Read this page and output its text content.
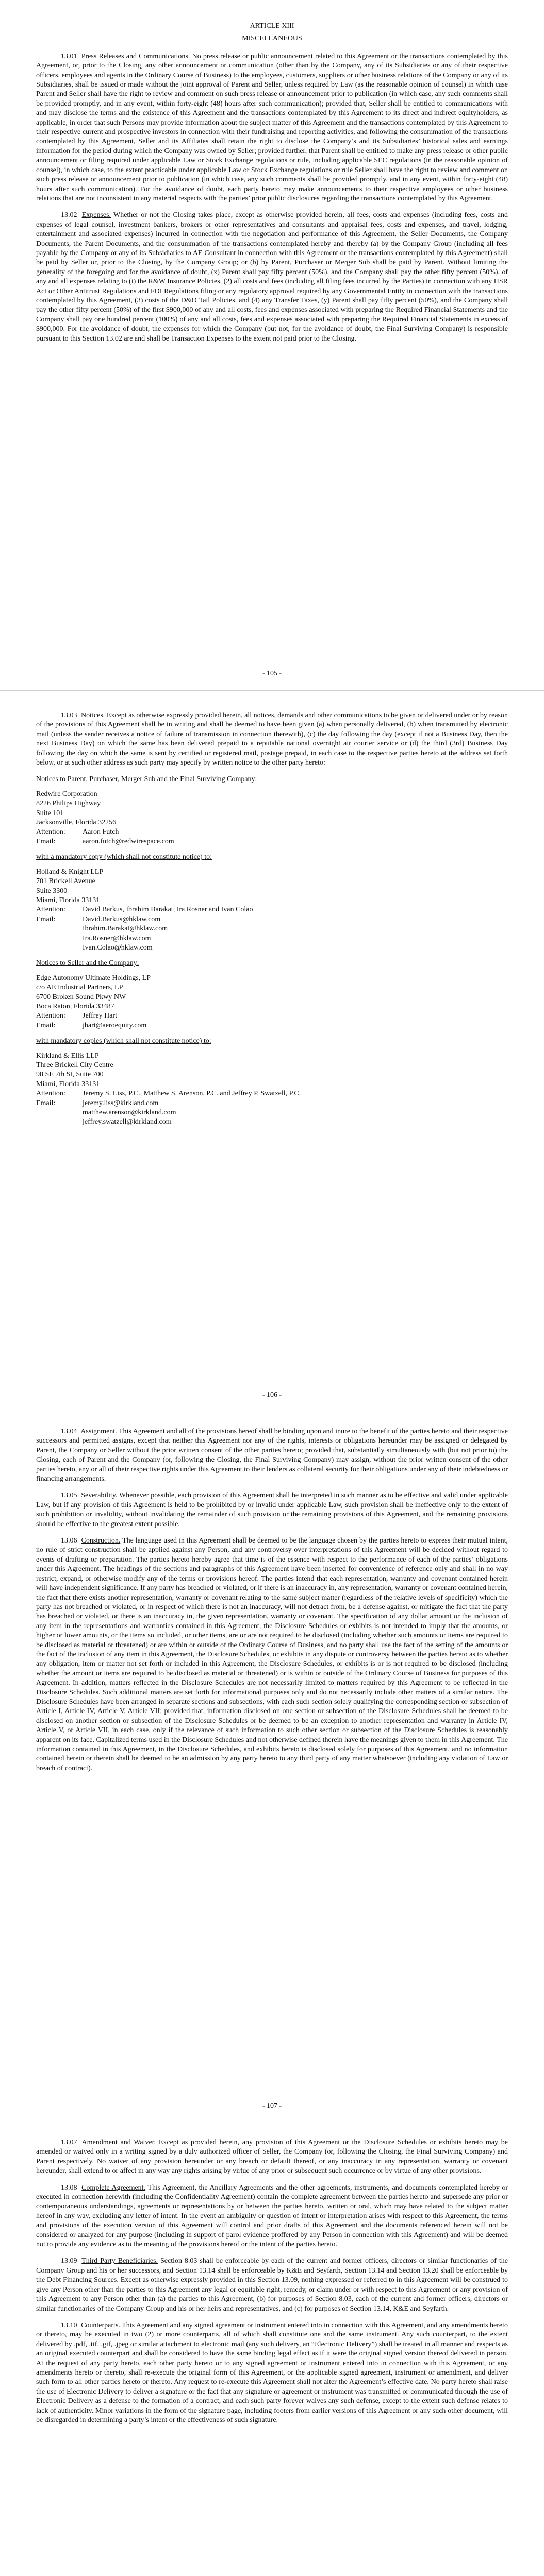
ARTICLE XIII
MISCELLANEOUS

13.01 Press Releases and Communications. No press release or public announcement related to this Agreement or the transactions contemplated by this Agreement, or, prior to the Closing, any other announcement or communication (other than by the Company, any of its Subsidiaries or any of their respective officers, employees and agents in the Ordinary Course of Business) to the employees, customers, suppliers or other business relations of the Company or any of its Subsidiaries, shall be issued or made without the joint approval of Parent and Seller, unless required by Law (as the reasonable opinion of counsel) in which case Parent and Seller shall have the right to review and comment on such press release or announcement prior to publication (in which case, any such comments shall be provided promptly, and in any event, within forty-eight (48) hours after such communication); provided that, Seller shall be entitled to communications with and may disclose the terms and the existence of this Agreement and the transactions contemplated by this Agreement to its direct and indirect equityholders, as applicable, in order that such Persons may provide information about the subject matter of this Agreement and the transactions contemplated by this Agreement to their respective current and prospective investors in connection with their fundraising and reporting activities, and following the consummation of the transactions contemplated by this Agreement, Seller and its Affiliates shall retain the right to disclose the Company’s and its Subsidiaries’ historical sales and earnings information for the period during which the Company was owned by Seller; provided further, that Parent shall be entitled to make any press release or other public announcement or filing required under applicable Law or Stock Exchange regulations or rule, including applicable SEC regulations (in the reasonable opinion of counsel), in which case, to the extent practicable under applicable Law or Stock Exchange regulations or rule Seller shall have the right to review and comment on such press release or announcement prior to publication (in which case, any such comments shall be provided promptly, and in any event, within forty-eight (48) hours after such communication). For the avoidance of doubt, each party hereto may make announcements to their respective employees or other business relations that are not inconsistent in any material respects with the parties’ prior public disclosures regarding the transactions contemplated by this Agreement.

13.02 Expenses. Whether or not the Closing takes place, except as otherwise provided herein, all fees, costs and expenses (including fees, costs and expenses of legal counsel, investment bankers, brokers or other representatives and consultants and appraisal fees, costs and expenses, and travel, lodging, entertainment and associated expenses) incurred in connection with the negotiation and performance of this Agreement, the Seller Documents, the Company Documents, the Parent Documents, and the consummation of the transactions contemplated hereby and thereby (a) by the Company Group (including all fees payable by the Company or any of its Subsidiaries to AE Consultant in connection with this Agreement or the transactions contemplated by this Agreement) shall be paid by Seller or, prior to the Closing, by the Company Group; or (b) by Parent, Purchaser or Merger Sub shall be paid by Parent. Without limiting the generality of the foregoing and for the avoidance of doubt, (x) Parent shall pay fifty percent (50%), and the Company shall pay the other fifty percent (50%), of any and all expenses relating to (i) the R&W Insurance Policies, (2) all costs and fees (including all filing fees incurred by the Parties) in connection with any HSR Act or Other Antitrust Regulations and FDI Regulations filing or any regulatory approval required by any Governmental Entity in connection with the transactions contemplated by this Agreement, (3) costs of the D&O Tail Policies, and (4) any Transfer Taxes, (y) Parent shall pay fifty percent (50%), and the Company shall pay the other fifty percent (50%) of the first $900,000 of any and all costs, fees and expenses associated with preparing the Required Financial Statements and the Company shall pay one hundred percent (100%) of any and all costs, fees and expenses associated with preparing the Required Financial Statements in excess of $900,000. For the avoidance of doubt, the expenses for which the Company (but not, for the avoidance of doubt, the Final Surviving Company) is responsible pursuant to this Section 13.02 are and shall be Transaction Expenses to the extent not paid prior to the Closing.

- 105 -

13.03 Notices. Except as otherwise expressly provided herein, all notices, demands and other communications to be given or delivered under or by reason of the provisions of this Agreement shall be in writing and shall be deemed to have been given (a) when personally delivered, (b) when transmitted by electronic mail (unless the sender receives a notice of failure of transmission in connection therewith), (c) the day following the day (except if not a Business Day, then the next Business Day) on which the same has been delivered prepaid to a reputable national overnight air courier service or (d) the third (3rd) Business Day following the day on which the same is sent by certified or registered mail, postage prepaid, in each case to the respective parties hereto at the address set forth below, or at such other address as such party may specify by written notice to the other party hereto:

Notices to Parent, Purchaser, Merger Sub and the Final Surviving Company:
Redwire Corporation
8226 Philips Highway
Suite 101
Jacksonville, Florida 32256
Attention:	Aaron Futch
Email:	aaron.futch@redwirespace.com
with a mandatory copy (which shall not constitute notice) to:
Holland & Knight LLP
701 Brickell Avenue
Suite 3300
Miami, Florida 33131
Attention:	David Barkus, Ibrahim Barakat, Ira Rosner and Ivan Colao
Email:	David.Barkus@hklaw.com
Ibrahim.Barakat@hklaw.com
Ira.Rosner@hklaw.com
Ivan.Colao@hklaw.com
Notices to Seller and the Company:
Edge Autonomy Ultimate Holdings, LP
c/o AE Industrial Partners, LP
6700 Broken Sound Pkwy NW
Boca Raton, Florida 33487
Attention:	Jeffrey Hart
Email:	jhart@aeroequity.com
with mandatory copies (which shall not constitute notice) to:
Kirkland & Ellis LLP
Three Brickell City Centre
98 SE 7th St, Suite 700
Miami, Florida 33131
Attention:	Jeremy S. Liss, P.C., Matthew S. Arenson, P.C. and Jeffrey P. Swatzell, P.C.
Email:	jeremy.liss@kirkland.com
matthew.arenson@kirkland.com
jeffrey.swatzell@kirkland.com
- 106 -

13.04 Assignment. This Agreement and all of the provisions hereof shall be binding upon and inure to the benefit of the parties hereto and their respective successors and permitted assigns, except that neither this Agreement nor any of the rights, interests or obligations hereunder may be assigned or delegated by Parent, the Company or Seller without the prior written consent of the other parties hereto; provided that, substantially simultaneously with (but not prior to) the Closing, each of Parent and the Company (or, following the Closing, the Final Surviving Company) may assign, without the prior written consent of the other parties hereto, any or all of their respective rights under this Agreement to their lenders as collateral security for their obligations under any of their indebtedness or financing arrangements.

13.05 Severability. Whenever possible, each provision of this Agreement shall be interpreted in such manner as to be effective and valid under applicable Law, but if any provision of this Agreement is held to be prohibited by or invalid under applicable Law, such provision shall be ineffective only to the extent of such prohibition or invalidity, without invalidating the remainder of such provision or the remaining provisions of this Agreement, and the remaining provisions should be effective to the greatest extent possible.

13.06 Construction. The language used in this Agreement shall be deemed to be the language chosen by the parties hereto to express their mutual intent, no rule of strict construction shall be applied against any Person, and any controversy over interpretations of this Agreement will be decided without regard to events of drafting or preparation. The parties hereto hereby agree that time is of the essence with respect to the performance of each of the parties’ obligations under this Agreement. The headings of the sections and paragraphs of this Agreement have been inserted for convenience of reference only and shall in no way restrict, expand, or otherwise modify any of the terms or provisions hereof. The parties intend that each representation, warranty and covenant contained herein will have independent significance. If any party has breached or violated, or if there is an inaccuracy in, any representation, warranty or covenant contained herein, the fact that there exists another representation, warranty or covenant relating to the same subject matter (regardless of the relative levels of specificity) which the party has not breached or violated, or in respect of which there is not an inaccuracy, will not detract from, be a defense against, or mitigate the fact that the party has breached or violated, or there is an inaccuracy in, the given representation, warranty or covenant. The specification of any dollar amount or the inclusion of any item in the representations and warranties contained in this Agreement, the Disclosure Schedules or exhibits is not intended to imply that the amounts, or higher or lower amounts, or the items so included, or other items, are or are not required to be disclosed (including whether such amounts or items are required to be disclosed as material or threatened) or are within or outside of the Ordinary Course of Business, and no party shall use the fact of the setting of the amounts or the fact of the inclusion of any item in this Agreement, the Disclosure Schedules, or exhibits in any dispute or controversy between the parties hereto as to whether any obligation, item or matter not set forth or included in this Agreement, the Disclosure Schedules, or exhibits is or is not required to be disclosed (including whether the amount or items are required to be disclosed as material or threatened) or is within or outside of the Ordinary Course of Business for purposes of this Agreement. In addition, matters reflected in the Disclosure Schedules are not necessarily limited to matters required by this Agreement to be reflected in the Disclosure Schedules. Such additional matters are set forth for informational purposes only and do not necessarily include other matters of a similar nature. The Disclosure Schedules have been arranged in separate sections and subsections, with each such section solely qualifying the corresponding section or subsection of Article I, Article IV, Article V, Article VII; provided that, information disclosed on one section or subsection of the Disclosure Schedules shall be deemed to be disclosed on another section or subsection of the Disclosure Schedules or be deemed to be an exception to another representation and warranty in Article IV, Article V, or Article VII, in each case, only if the relevance of such information to such other section or subsection of the Disclosure Schedules is reasonably apparent on its face. Capitalized terms used in the Disclosure Schedules and not otherwise defined therein have the meanings given to them in this Agreement. The information contained in this Agreement, in the Disclosure Schedules, and exhibits hereto is disclosed solely for purposes of this Agreement, and no information contained herein or therein shall be deemed to be an admission by any party hereto to any third party of any matter whatsoever (including any violation of Law or breach of contract).

- 107 -

13.07 Amendment and Waiver. Except as provided herein, any provision of this Agreement or the Disclosure Schedules or exhibits hereto may be amended or waived only in a writing signed by a duly authorized officer of Seller, the Company (or, following the Closing, the Final Surviving Company) and Parent respectively. No waiver of any provision hereunder or any breach or default thereof, or any inaccuracy in any representation, warranty or covenant hereunder, shall extend to or affect in any way any rights arising by virtue of any prior or subsequent such occurrence or by virtue of any other provisions.

13.08 Complete Agreement. This Agreement, the Ancillary Agreements and the other agreements, instruments, and documents contemplated hereby or executed in connection herewith (including the Confidentiality Agreement) contain the complete agreement between the parties hereto and supersede any prior or contemporaneous understandings, agreements or representations by or between the parties hereto, written or oral, which may have related to the subject matter hereof in any way, excluding any letter of intent. In the event an ambiguity or question of intent or interpretation arises with respect to this Agreement, the terms and provisions of the execution version of this Agreement will control and prior drafts of this Agreement and the documents referenced herein will not be considered or analyzed for any purpose (including in support of parol evidence proffered by any Person in connection with this Agreement) and will be deemed not to provide any evidence as to the meaning of the provisions hereof or the intent of the parties hereto.

13.09 Third Party Beneficiaries. Section 8.03 shall be enforceable by each of the current and former officers, directors or similar functionaries of the Company Group and his or her successors, and Section 13.14 shall be enforceable by K&E and Seyfarth, Section 13.14 and Section 13.20 shall be enforceable by the Debt Financing Sources. Except as otherwise expressly provided in this Section 13.09, nothing expressed or referred to in this Agreement will be construed to give any Person other than the parties to this Agreement any legal or equitable right, remedy, or claim under or with respect to this Agreement or any provision of this Agreement to any Person other than (a) the parties to this Agreement, (b) for purposes of Section 8.03, each of the current and former officers, directors or similar functionaries of the Company Group and his or her heirs and representatives, and (c) for purposes of Section 13.14, K&E and Seyfarth.

13.10 Counterparts. This Agreement and any signed agreement or instrument entered into in connection with this Agreement, and any amendments hereto or thereto, may be executed in two (2) or more counterparts, all of which shall constitute one and the same instrument. Any such counterpart, to the extent delivered by .pdf, .tif, .gif, .jpeg or similar attachment to electronic mail (any such delivery, an “Electronic Delivery”) shall be treated in all manner and respects as an original executed counterpart and shall be considered to have the same binding legal effect as if it were the original signed version thereof delivered in person. At the request of any party hereto, each other party hereto or to any signed agreement or instrument entered into in connection with this Agreement, or any amendments hereto or thereto, shall re-execute the original form of this Agreement, or the applicable signed agreement, instrument or amendment, and deliver such form to all other parties hereto or thereto. Any request to re-execute this Agreement shall not alter the Agreement’s effective date. No party hereto shall raise the use of Electronic Delivery to deliver a signature or the fact that any signature or agreement or instrument was transmitted or communicated through the use of Electronic Delivery as a defense to the formation of a contract, and each such party forever waives any such defense, except to the extent such defense relates to lack of authenticity. Minor variations in the form of the signature page, including footers from earlier versions of this Agreement or any such other document, will be disregarded in determining a party’s intent or the effectiveness of such signature.
